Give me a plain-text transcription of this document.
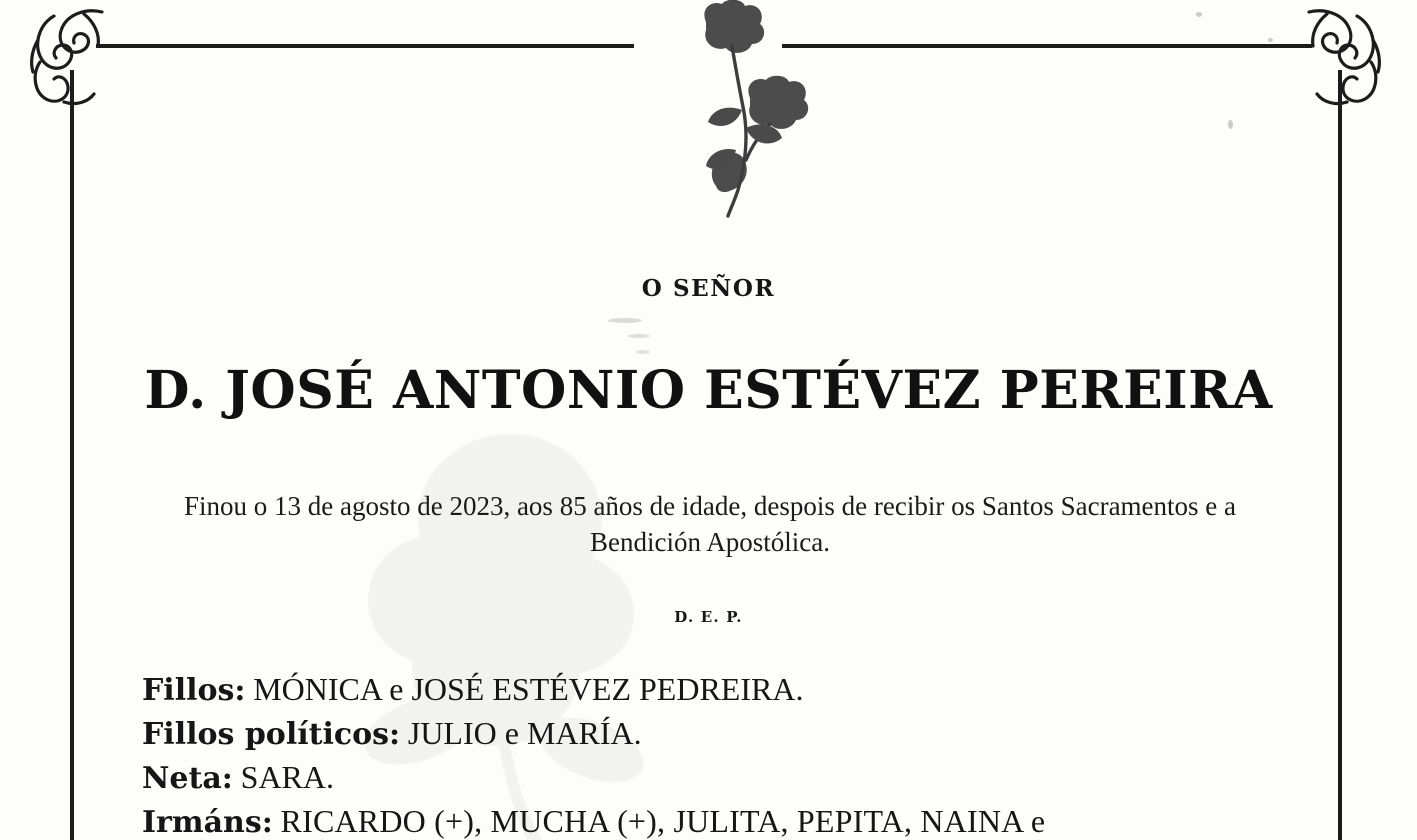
O SEÑOR
D. JOSÉ ANTONIO ESTÉVEZ PEREIRA
Finou o 13 de agosto de 2023, aos 85 años de idade, despois de recibir os Santos Sacramentos e a Bendición Apostólica.
D. E. P.
Fillos: MÓNICA e JOSÉ ESTÉVEZ PEDREIRA.
Fillos políticos: JULIO e MARÍA.
Neta: SARA.
Irmáns: RICARDO (+), MUCHA (+), JULITA, PEPITA, NAINA e
